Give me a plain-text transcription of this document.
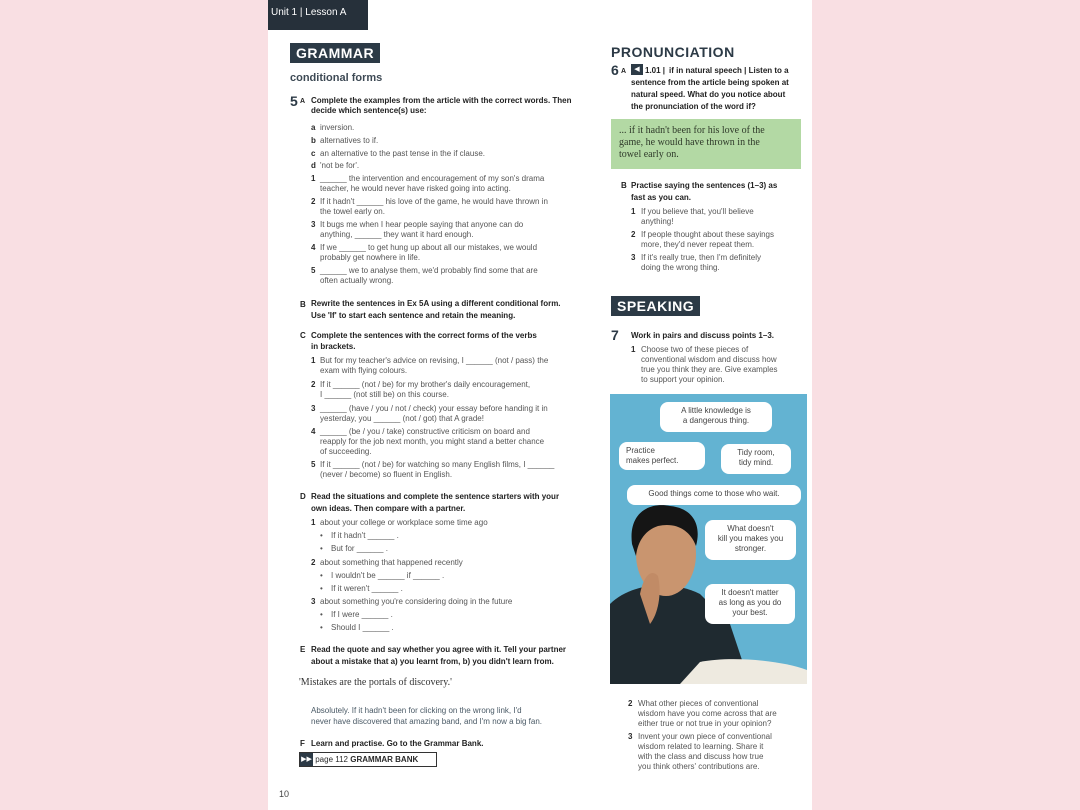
Unit 1 | Lesson A
GRAMMAR
conditional forms
5 A Complete the examples from the article with the correct words. Then decide which sentence(s) use:
a inversion.
b alternatives to if.
c an alternative to the past tense in the if clause.
d 'not be for'.
1 ______ the intervention and encouragement of my son's drama
teacher, he would never have risked going into acting.
2 If it hadn't ______ his love of the game, he would have thrown in
the towel early on.
3 It bugs me when I hear people saying that anyone can do
anything, ______ they want it hard enough.
4 If we ______ to get hung up about all our mistakes, we would
probably get nowhere in life.
5 ______ we to analyse them, we'd probably find some that are
often actually wrong.
B Rewrite the sentences in Ex 5A using a different conditional form.
Use 'If' to start each sentence and retain the meaning.
C Complete the sentences with the correct forms of the verbs
in brackets.
1 But for my teacher's advice on revising, I ______ (not / pass) the
exam with flying colours.
2 If it ______ (not / be) for my brother's daily encouragement,
I ______ (not still be) on this course.
3 ______ (have / you / not / check) your essay before handing it in
yesterday, you ______ (not / got) that A grade!
4 ______ (be / you / take) constructive criticism on board and
reapply for the job next month, you might stand a better chance
of succeeding.
5 If it ______ (not / be) for watching so many English films, I ______
(never / become) so fluent in English.
D Read the situations and complete the sentence starters with your
own ideas. Then compare with a partner.
1 about your college or workplace some time ago
• If it hadn't ______ .
• But for ______ .
2 about something that happened recently
• I wouldn't be ______ if ______ .
• If it weren't ______ .
3 about something you're considering doing in the future
• If I were ______ .
• Should I ______ .
E Read the quote and say whether you agree with it. Tell your partner
about a mistake that a) you learnt from, b) you didn't learn from.
'Mistakes are the portals of discovery.'
Absolutely. If it hadn't been for clicking on the wrong link, I'd
never have discovered that amazing band, and I'm now a big fan.
F Learn and practise. Go to the Grammar Bank.
▶▶ page 112 GRAMMAR BANK
10
PRONUNCIATION
6 A	◀ 1.01 | if in natural speech | Listen to a
sentence from the article being spoken at
natural speed. What do you notice about
the pronunciation of the word if?
... if it hadn't been for his love of the
game, he would have thrown in the
towel early on.
B Practise saying the sentences (1–3) as
fast as you can.
1 If you believe that, you'll believe
anything!
2 If people thought about these sayings
more, they'd never repeat them.
3 If it's really true, then I'm definitely
doing the wrong thing.
SPEAKING
7 Work in pairs and discuss points 1–3.
1 Choose two of these pieces of
conventional wisdom and discuss how
true you think they are. Give examples
to support your opinion.
A little knowledge is
a dangerous thing.
Practice
makes perfect.
Tidy room,
tidy mind.
Good things come to those who wait.
What doesn't
kill you makes you
stronger.
It doesn't matter
as long as you do
your best.
2 What other pieces of conventional
wisdom have you come across that are
either true or not true in your opinion?
3 Invent your own piece of conventional
wisdom related to learning. Share it
with the class and discuss how true
you think others' contributions are.
